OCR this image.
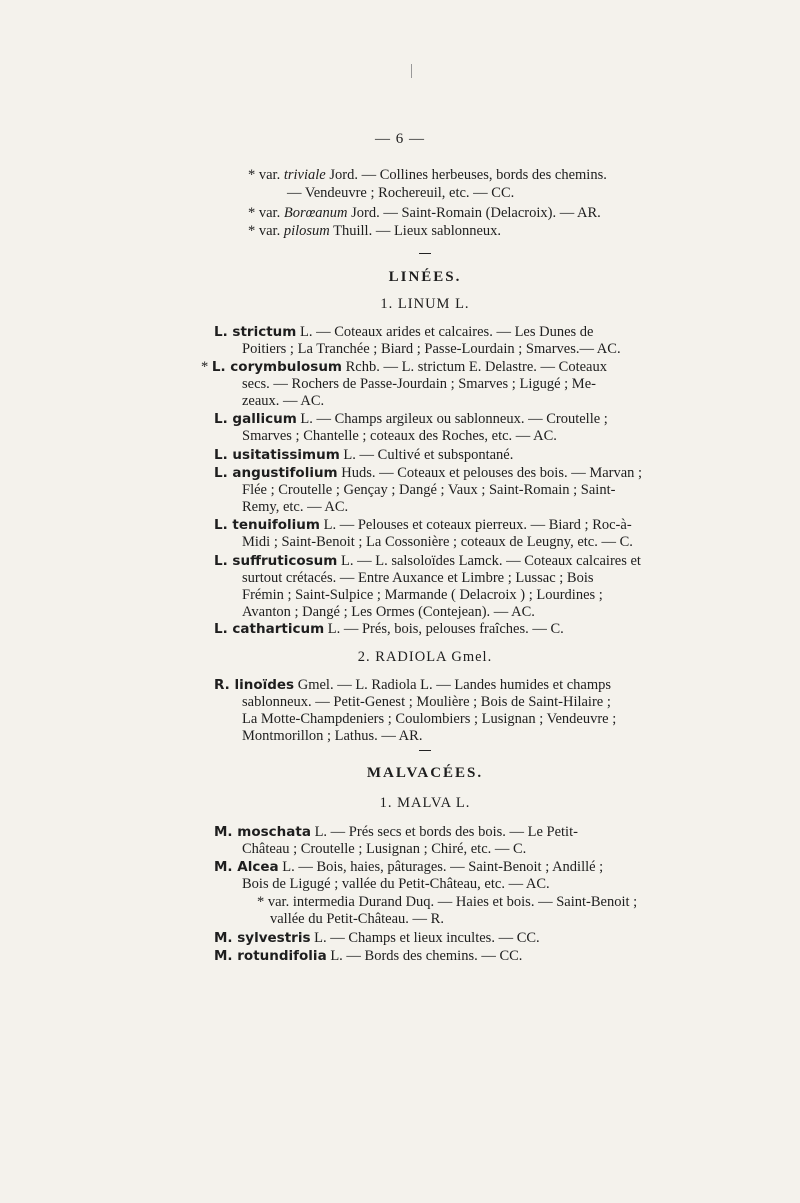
— 6 —
* var. triviale Jord. — Collines herbeuses, bords des chemins.
— Vendeuvre ; Rochereuil, etc. — CC.
* var. Borœanum Jord. — Saint-Romain (Delacroix). — AR.
* var. pilosum Thuill. — Lieux sablonneux.
LINÉES.
1. LINUM L.
L. strictum L. — Coteaux arides et calcaires. — Les Dunes de
Poitiers ; La Tranchée ; Biard ; Passe-Lourdain ; Smarves.— AC.
* L. corymbulosum Rchb. — L. strictum E. Delastre. — Coteaux
secs. — Rochers de Passe-Jourdain ; Smarves ; Ligugé ; Me-
zeaux. — AC.
L. gallicum L. — Champs argileux ou sablonneux. — Croutelle ;
Smarves ; Chantelle ; coteaux des Roches, etc. — AC.
L. usitatissimum L. — Cultivé et subspontané.
L. angustifolium Huds. — Coteaux et pelouses des bois. — Marvan ;
Flée ; Croutelle ; Gençay ; Dangé ; Vaux ; Saint-Romain ; Saint-
Remy, etc. — AC.
L. tenuifolium L. — Pelouses et coteaux pierreux. — Biard ; Roc-à-
Midi ; Saint-Benoit ; La Cossonière ; coteaux de Leugny, etc. — C.
L. suffruticosum L. — L. salsoloïdes Lamck. — Coteaux calcaires et
surtout crétacés. — Entre Auxance et Limbre ; Lussac ; Bois
Frémin ; Saint-Sulpice ; Marmande ( Delacroix ) ; Lourdines ;
Avanton ; Dangé ; Les Ormes (Contejean). — AC.
L. catharticum L. — Prés, bois, pelouses fraîches. — C.
2. RADIOLA Gmel.
R. linoïdes Gmel. — L. Radiola L. — Landes humides et champs
sablonneux. — Petit-Genest ; Moulière ; Bois de Saint-Hilaire ;
La Motte-Champdeniers ; Coulombiers ; Lusignan ; Vendeuvre ;
Montmorillon ; Lathus. — AR.
MALVACÉES.
1. MALVA L.
M. moschata L. — Prés secs et bords des bois. — Le Petit-
Château ; Croutelle ; Lusignan ; Chiré, etc. — C.
M. Alcea L. — Bois, haies, pâturages. — Saint-Benoit ; Andillé ;
Bois de Ligugé ; vallée du Petit-Château, etc. — AC.
* var. intermedia Durand Duq. — Haies et bois. — Saint-Benoit ;
vallée du Petit-Château. — R.
M. sylvestris L. — Champs et lieux incultes. — CC.
M. rotundifolia L. — Bords des chemins. — CC.
